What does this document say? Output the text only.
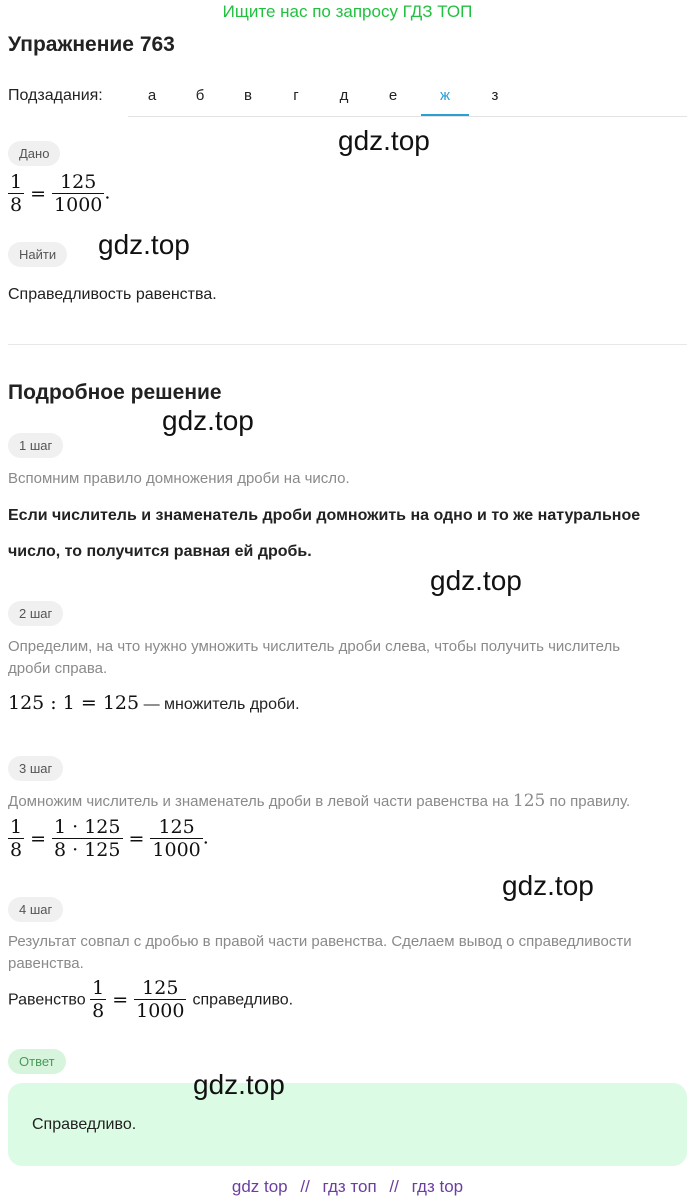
Ищите нас по запросу ГДЗ ТОП
Упражнение 763
Подзадания:	а	б	в	г	д	е	ж	з
Дано	gdz.top
$\frac{1}{8} = \frac{125}{1000}$ .
Найти	gdz.top
Справедливость равенства.
Подробное решение
gdz.top
1 шаг
Вспомним правило домножения дроби на число.
Если числитель и знаменатель дроби домножить на одно и то же натуральное
число, то получится равная ей дробь.
gdz.top
2 шаг
Определим, на что нужно умножить числитель дроби слева, чтобы получить числитель
дроби справа.
125 : 1 = 125 — множитель дроби.
3 шаг
Домножим числитель и знаменатель дроби в левой части равенства на 125 по правилу.
$\frac{1}{8} = \frac{1 \cdot 125}{8 \cdot 125} = \frac{125}{1000}$ .
gdz.top
4 шаг
Результат совпал с дробью в правой части равенства. Сделаем вывод о справедливости
равенства.
Равенство $\frac{1}{8} = \frac{125}{1000}$ справедливо.
Ответ
gdz.top
Справедливо.
gdz top // гдз топ // гдз top
